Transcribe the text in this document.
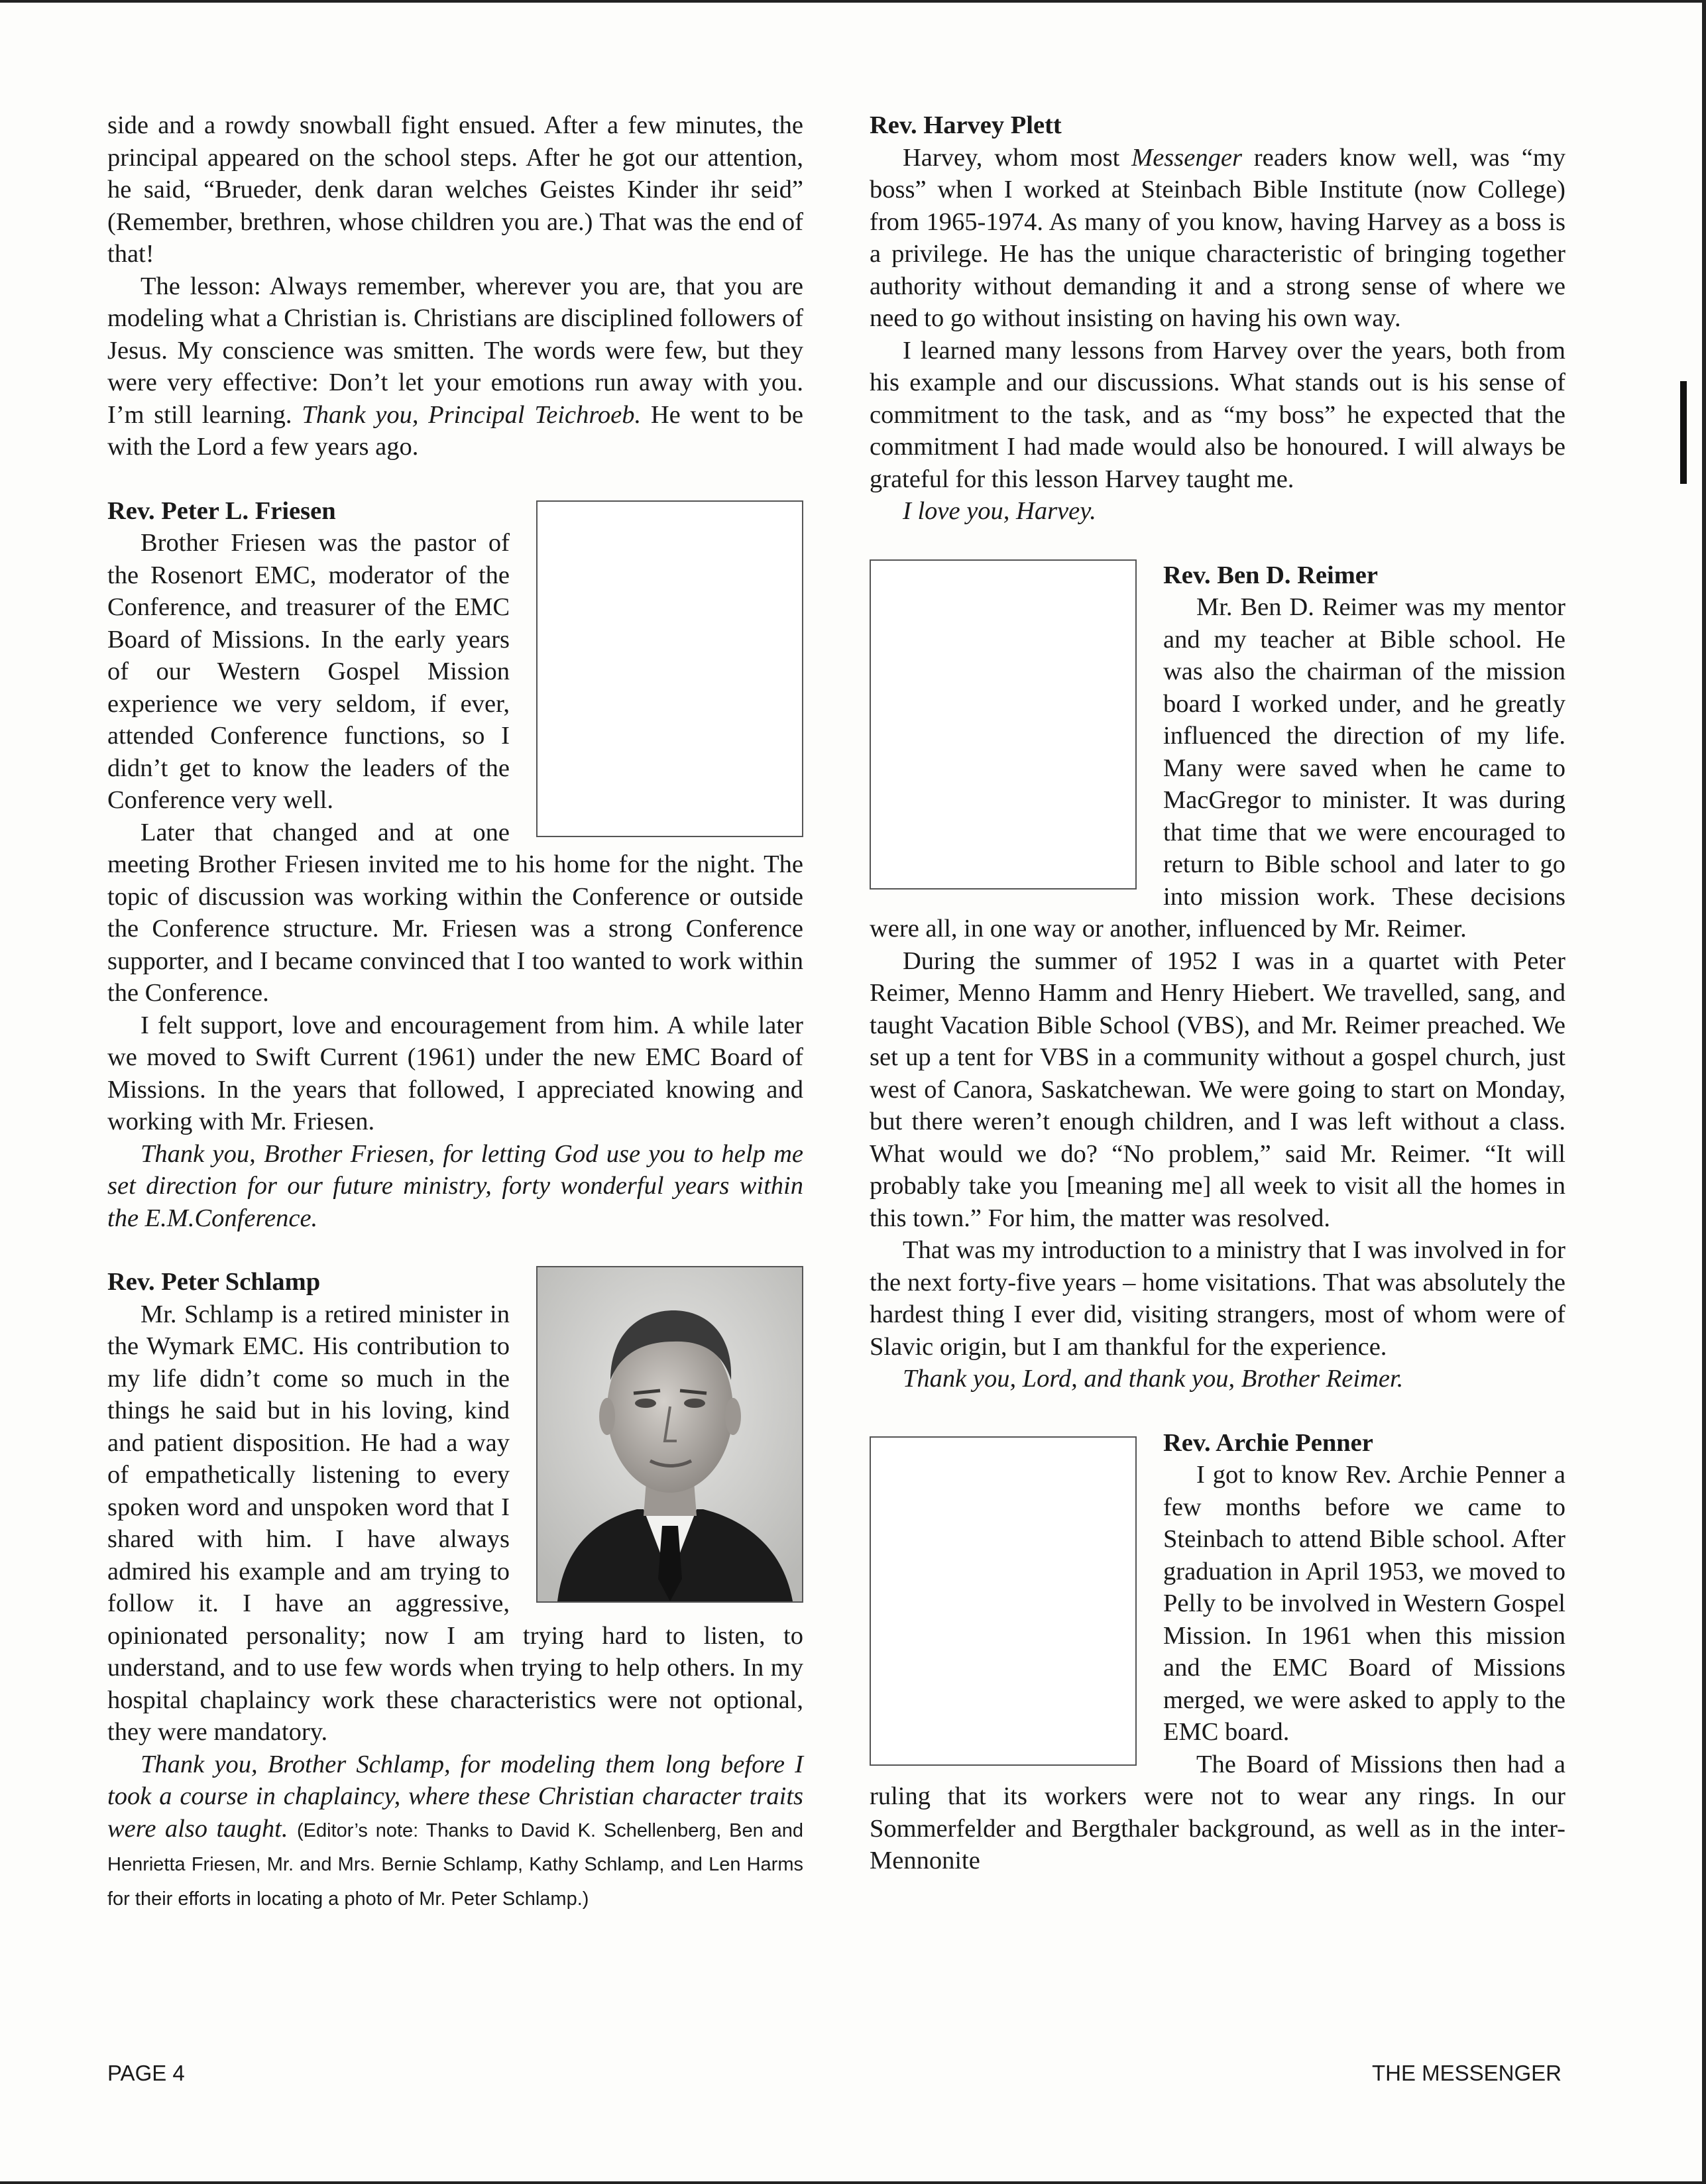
side and a rowdy snowball fight ensued. After a few minutes, the principal appeared on the school steps. After he got our attention, he said, “Brueder, denk daran welches Geistes Kinder ihr seid” (Remember, brethren, whose children you are.) That was the end of that!

The lesson: Always remember, wherever you are, that you are modeling what a Christian is. Christians are disciplined followers of Jesus. My conscience was smitten. The words were few, but they were very effective: Don’t let your emotions run away with you. I’m still learning. Thank you, Principal Teichroeb. He went to be with the Lord a few years ago.

Rev. Peter L. Friesen

Brother Friesen was the pastor of the Rosenort EMC, moderator of the Conference, and treasurer of the EMC Board of Missions. In the early years of our Western Gospel Mission experience we very seldom, if ever, attended Conference functions, so I didn’t get to know the leaders of the Conference very well.

Later that changed and at one meeting Brother Friesen invited me to his home for the night. The topic of discussion was working within the Conference or outside the Conference structure. Mr. Friesen was a strong Conference supporter, and I became convinced that I too wanted to work within the Conference.

I felt support, love and encouragement from him. A while later we moved to Swift Current (1961) under the new EMC Board of Missions. In the years that followed, I appreciated knowing and working with Mr. Friesen.

Thank you, Brother Friesen, for letting God use you to help me set direction for our future ministry, forty wonderful years within the E.M.Conference.

Rev. Peter Schlamp

Mr. Schlamp is a retired minister in the Wymark EMC. His contribution to my life didn’t come so much in the things he said but in his loving, kind and patient disposition. He had a way of empathetically listening to every spoken word and unspoken word that I shared with him. I have always admired his example and am trying to follow it. I have an aggressive, opinionated personality; now I am trying hard to listen, to understand, and to use few words when trying to help others. In my hospital chaplaincy work these characteristics were not optional, they were mandatory.

Thank you, Brother Schlamp, for modeling them long before I took a course in chaplaincy, where these Christian character traits were also taught. (Editor’s note: Thanks to David K. Schellenberg, Ben and Henrietta Friesen, Mr. and Mrs. Bernie Schlamp, Kathy Schlamp, and Len Harms for their efforts in locating a photo of Mr. Peter Schlamp.)

Rev. Harvey Plett

Harvey, whom most Messenger readers know well, was “my boss” when I worked at Steinbach Bible Institute (now College) from 1965-1974. As many of you know, having Harvey as a boss is a privilege. He has the unique characteristic of bringing together authority without demanding it and a strong sense of where we need to go without insisting on having his own way.

I learned many lessons from Harvey over the years, both from his example and our discussions. What stands out is his sense of commitment to the task, and as “my boss” he expected that the commitment I had made would also be honoured. I will always be grateful for this lesson Harvey taught me.

I love you, Harvey.

Rev. Ben D. Reimer

Mr. Ben D. Reimer was my mentor and my teacher at Bible school. He was also the chairman of the mission board I worked under, and he greatly influenced the direction of my life. Many were saved when he came to MacGregor to minister. It was during that time that we were encouraged to return to Bible school and later to go into mission work. These decisions were all, in one way or another, influenced by Mr. Reimer.

During the summer of 1952 I was in a quartet with Peter Reimer, Menno Hamm and Henry Hiebert. We travelled, sang, and taught Vacation Bible School (VBS), and Mr. Reimer preached. We set up a tent for VBS in a community without a gospel church, just west of Canora, Saskatchewan. We were going to start on Monday, but there weren’t enough children, and I was left without a class. What would we do? “No problem,” said Mr. Reimer. “It will probably take you [meaning me] all week to visit all the homes in this town.” For him, the matter was resolved.

That was my introduction to a ministry that I was involved in for the next forty-five years – home visitations. That was absolutely the hardest thing I ever did, visiting strangers, most of whom were of Slavic origin, but I am thankful for the experience.

Thank you, Lord, and thank you, Brother Reimer.

Rev. Archie Penner

I got to know Rev. Archie Penner a few months before we came to Steinbach to attend Bible school. After graduation in April 1953, we moved to Pelly to be involved in Western Gospel Mission. In 1961 when this mission and the EMC Board of Missions merged, we were asked to apply to the EMC board.

The Board of Missions then had a ruling that its workers were not to wear any rings. In our Sommerfelder and Bergthaler background, as well as in the inter-Mennonite

PAGE 4	THE MESSENGER
